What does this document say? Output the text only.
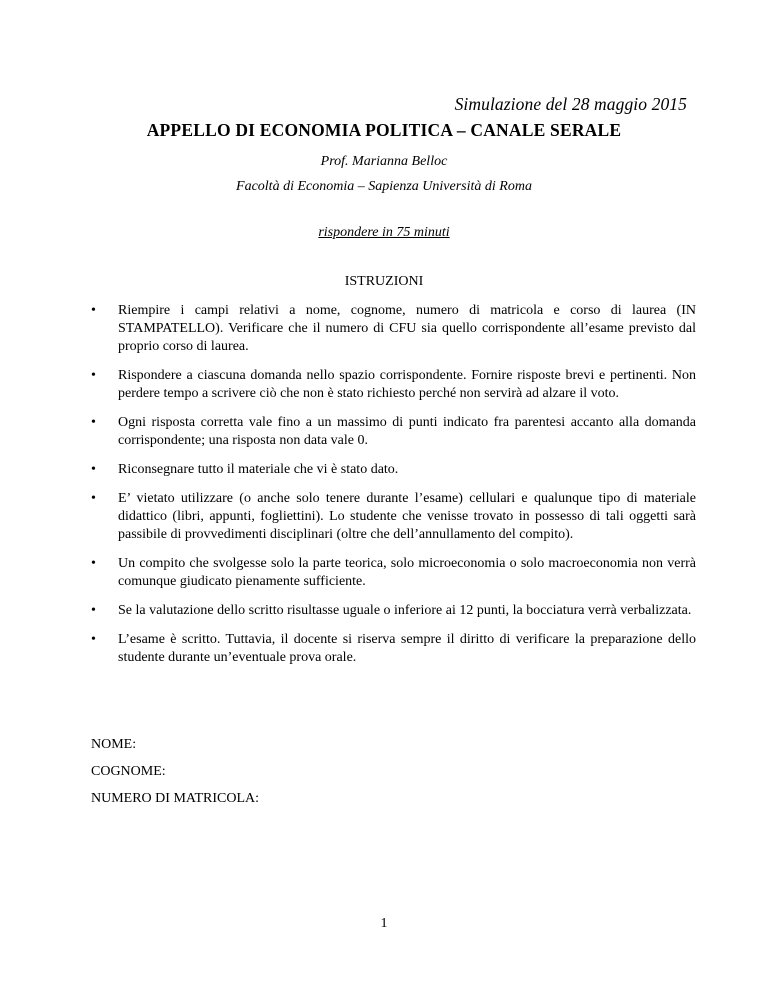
Simulazione del 28 maggio 2015
APPELLO DI ECONOMIA POLITICA – CANALE SERALE
Prof. Marianna Belloc
Facoltà di Economia – Sapienza Università di Roma
rispondere in 75 minuti
ISTRUZIONI
• Riempire i campi relativi a nome, cognome, numero di matricola e corso di laurea (IN STAMPATELLO). Verificare che il numero di CFU sia quello corrispondente all’esame previsto dal proprio corso di laurea.
• Rispondere a ciascuna domanda nello spazio corrispondente. Fornire risposte brevi e pertinenti. Non perdere tempo a scrivere ciò che non è stato richiesto perché non servirà ad alzare il voto.
• Ogni risposta corretta vale fino a un massimo di punti indicato fra parentesi accanto alla domanda corrispondente; una risposta non data vale 0.
• Riconsegnare tutto il materiale che vi è stato dato.
• E’ vietato utilizzare (o anche solo tenere durante l’esame) cellulari e qualunque tipo di materiale didattico (libri, appunti, fogliettini). Lo studente che venisse trovato in possesso di tali oggetti sarà passibile di provvedimenti disciplinari (oltre che dell’annullamento del compito).
• Un compito che svolgesse solo la parte teorica, solo microeconomia o solo macroeconomia non verrà comunque giudicato pienamente sufficiente.
• Se la valutazione dello scritto risultasse uguale o inferiore ai 12 punti, la bocciatura verrà verbalizzata.
• L’esame è scritto. Tuttavia, il docente si riserva sempre il diritto di verificare la preparazione dello studente durante un’eventuale prova orale.
NOME:
COGNOME:
NUMERO DI MATRICOLA:
1
